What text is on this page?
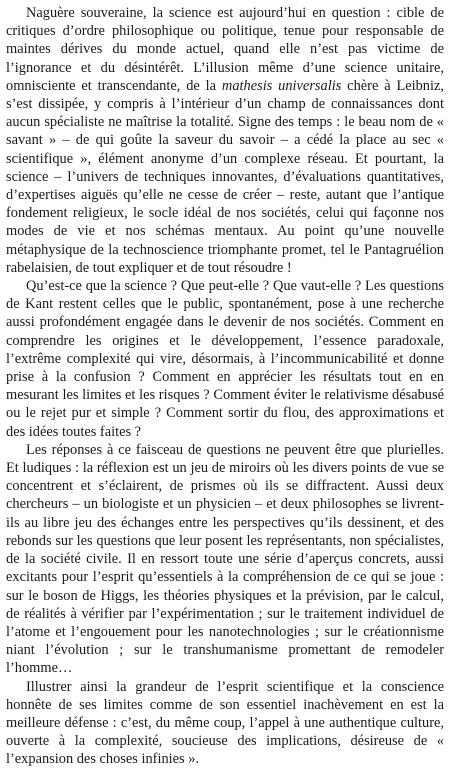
Naguère souveraine, la science est aujourd’hui en question : cible de critiques d’ordre philosophique ou politique, tenue pour responsable de maintes dérives du monde actuel, quand elle n’est pas victime de l’ignorance et du désintérêt. L’illusion même d’une science unitaire, omnisciente et transcendante, de la mathesis universalis chère à Leibniz, s’est dissipée, y compris à l’intérieur d’un champ de connaissances dont aucun spécialiste ne maîtrise la totalité. Signe des temps : le beau nom de « savant » – de qui goûte la saveur du savoir – a cédé la place au sec « scientifique », élément anonyme d’un complexe réseau. Et pourtant, la science – l’univers de techniques innovantes, d’évaluations quantitatives, d’expertises aiguës qu’elle ne cesse de créer – reste, autant que l’antique fondement religieux, le socle idéal de nos sociétés, celui qui façonne nos modes de vie et nos schémas mentaux. Au point qu’une nouvelle métaphysique de la technoscience triomphante promet, tel le Pantagruélion rabelaisien, de tout expliquer et de tout résoudre !

Qu’est-ce que la science ? Que peut-elle ? Que vaut-elle ? Les questions de Kant restent celles que le public, spontanément, pose à une recherche aussi profondément engagée dans le devenir de nos sociétés. Comment en comprendre les origines et le développement, l’essence paradoxale, l’extrême complexité qui vire, désormais, à l’incommunicabilité et donne prise à la confusion ? Comment en apprécier les résultats tout en en mesurant les limites et les risques ? Comment éviter le relativisme désabusé ou le rejet pur et simple ? Comment sortir du flou, des approximations et des idées toutes faites ?

Les réponses à ce faisceau de questions ne peuvent être que plurielles. Et ludiques : la réflexion est un jeu de miroirs où les divers points de vue se concentrent et s’éclairent, de prismes où ils se diffractent. Aussi deux chercheurs – un biologiste et un physicien – et deux philosophes se livrent-ils au libre jeu des échanges entre les perspectives qu’ils dessinent, et des rebonds sur les questions que leur posent les représentants, non spécialistes, de la société civile. Il en ressort toute une série d’aperçus concrets, aussi excitants pour l’esprit qu’essentiels à la compréhension de ce qui se joue : sur le boson de Higgs, les théories physiques et la prévision, par le calcul, de réalités à vérifier par l’expérimentation ; sur le traitement individuel de l’atome et l’engouement pour les nanotechnologies ; sur le créationnisme niant l’évolution ; sur le transhumanisme promettant de remodeler l’homme…

Illustrer ainsi la grandeur de l’esprit scientifique et la conscience honnête de ses limites comme de son essentiel inachèvement en est la meilleure défense : c’est, du même coup, l’appel à une authentique culture, ouverte à la complexité, soucieuse des implications, désireuse de « l’expansion des choses infinies ».
